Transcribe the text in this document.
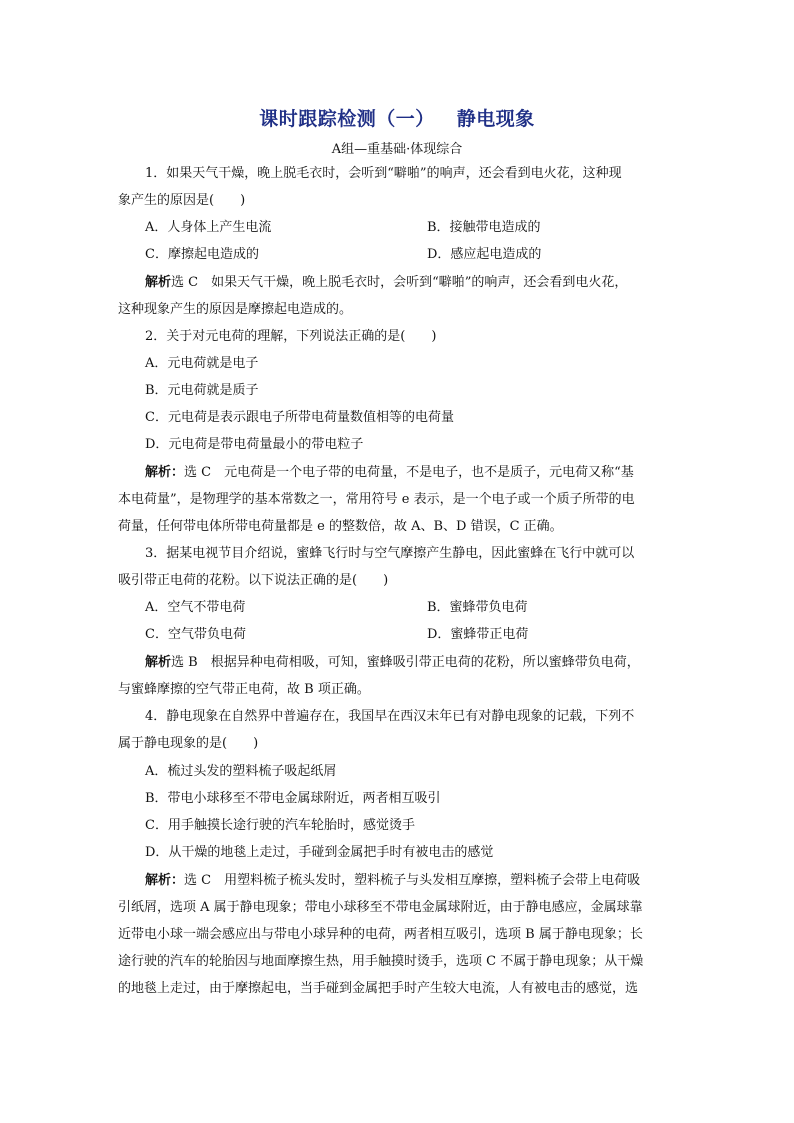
课时跟踪检测（一） 静电现象
A组—重基础·体现综合
1．如果天气干燥，晚上脱毛衣时，会听到“噼啪”的响声，还会看到电火花，这种现
象产生的原因是(　　)
A．人身体上产生电流	B．接触带电造成的
C．摩擦起电造成的	D．感应起电造成的
解析选 C　如果天气干燥，晚上脱毛衣时，会听到“噼啪”的响声，还会看到电火花，
这种现象产生的原因是摩擦起电造成的。
2．关于对元电荷的理解，下列说法正确的是(　　)
A．元电荷就是电子
B．元电荷就是质子
C．元电荷是表示跟电子所带电荷量数值相等的电荷量
D．元电荷是带电荷量最小的带电粒子
解析：选 C　元电荷是一个电子带的电荷量，不是电子，也不是质子，元电荷又称“基
本电荷量”，是物理学的基本常数之一，常用符号 e 表示，是一个电子或一个质子所带的电
荷量，任何带电体所带电荷量都是 e 的整数倍，故 A、B、D 错误，C 正确。
3．据某电视节目介绍说，蜜蜂飞行时与空气摩擦产生静电，因此蜜蜂在飞行中就可以
吸引带正电荷的花粉。以下说法正确的是(　　)
A．空气不带电荷	B．蜜蜂带负电荷
C．空气带负电荷	D．蜜蜂带正电荷
解析选 B　根据异种电荷相吸，可知，蜜蜂吸引带正电荷的花粉，所以蜜蜂带负电荷，
与蜜蜂摩擦的空气带正电荷，故 B 项正确。
4．静电现象在自然界中普遍存在，我国早在西汉末年已有对静电现象的记载，下列不
属于静电现象的是(　　)
A．梳过头发的塑料梳子吸起纸屑
B．带电小球移至不带电金属球附近，两者相互吸引
C．用手触摸长途行驶的汽车轮胎时，感觉烫手
D．从干燥的地毯上走过，手碰到金属把手时有被电击的感觉
解析：选 C　用塑料梳子梳头发时，塑料梳子与头发相互摩擦，塑料梳子会带上电荷吸
引纸屑，选项 A 属于静电现象；带电小球移至不带电金属球附近，由于静电感应，金属球靠
近带电小球一端会感应出与带电小球异种的电荷，两者相互吸引，选项 B 属于静电现象；长
途行驶的汽车的轮胎因与地面摩擦生热，用手触摸时烫手，选项 C 不属于静电现象；从干燥
的地毯上走过，由于摩擦起电，当手碰到金属把手时产生较大电流，人有被电击的感觉，选
